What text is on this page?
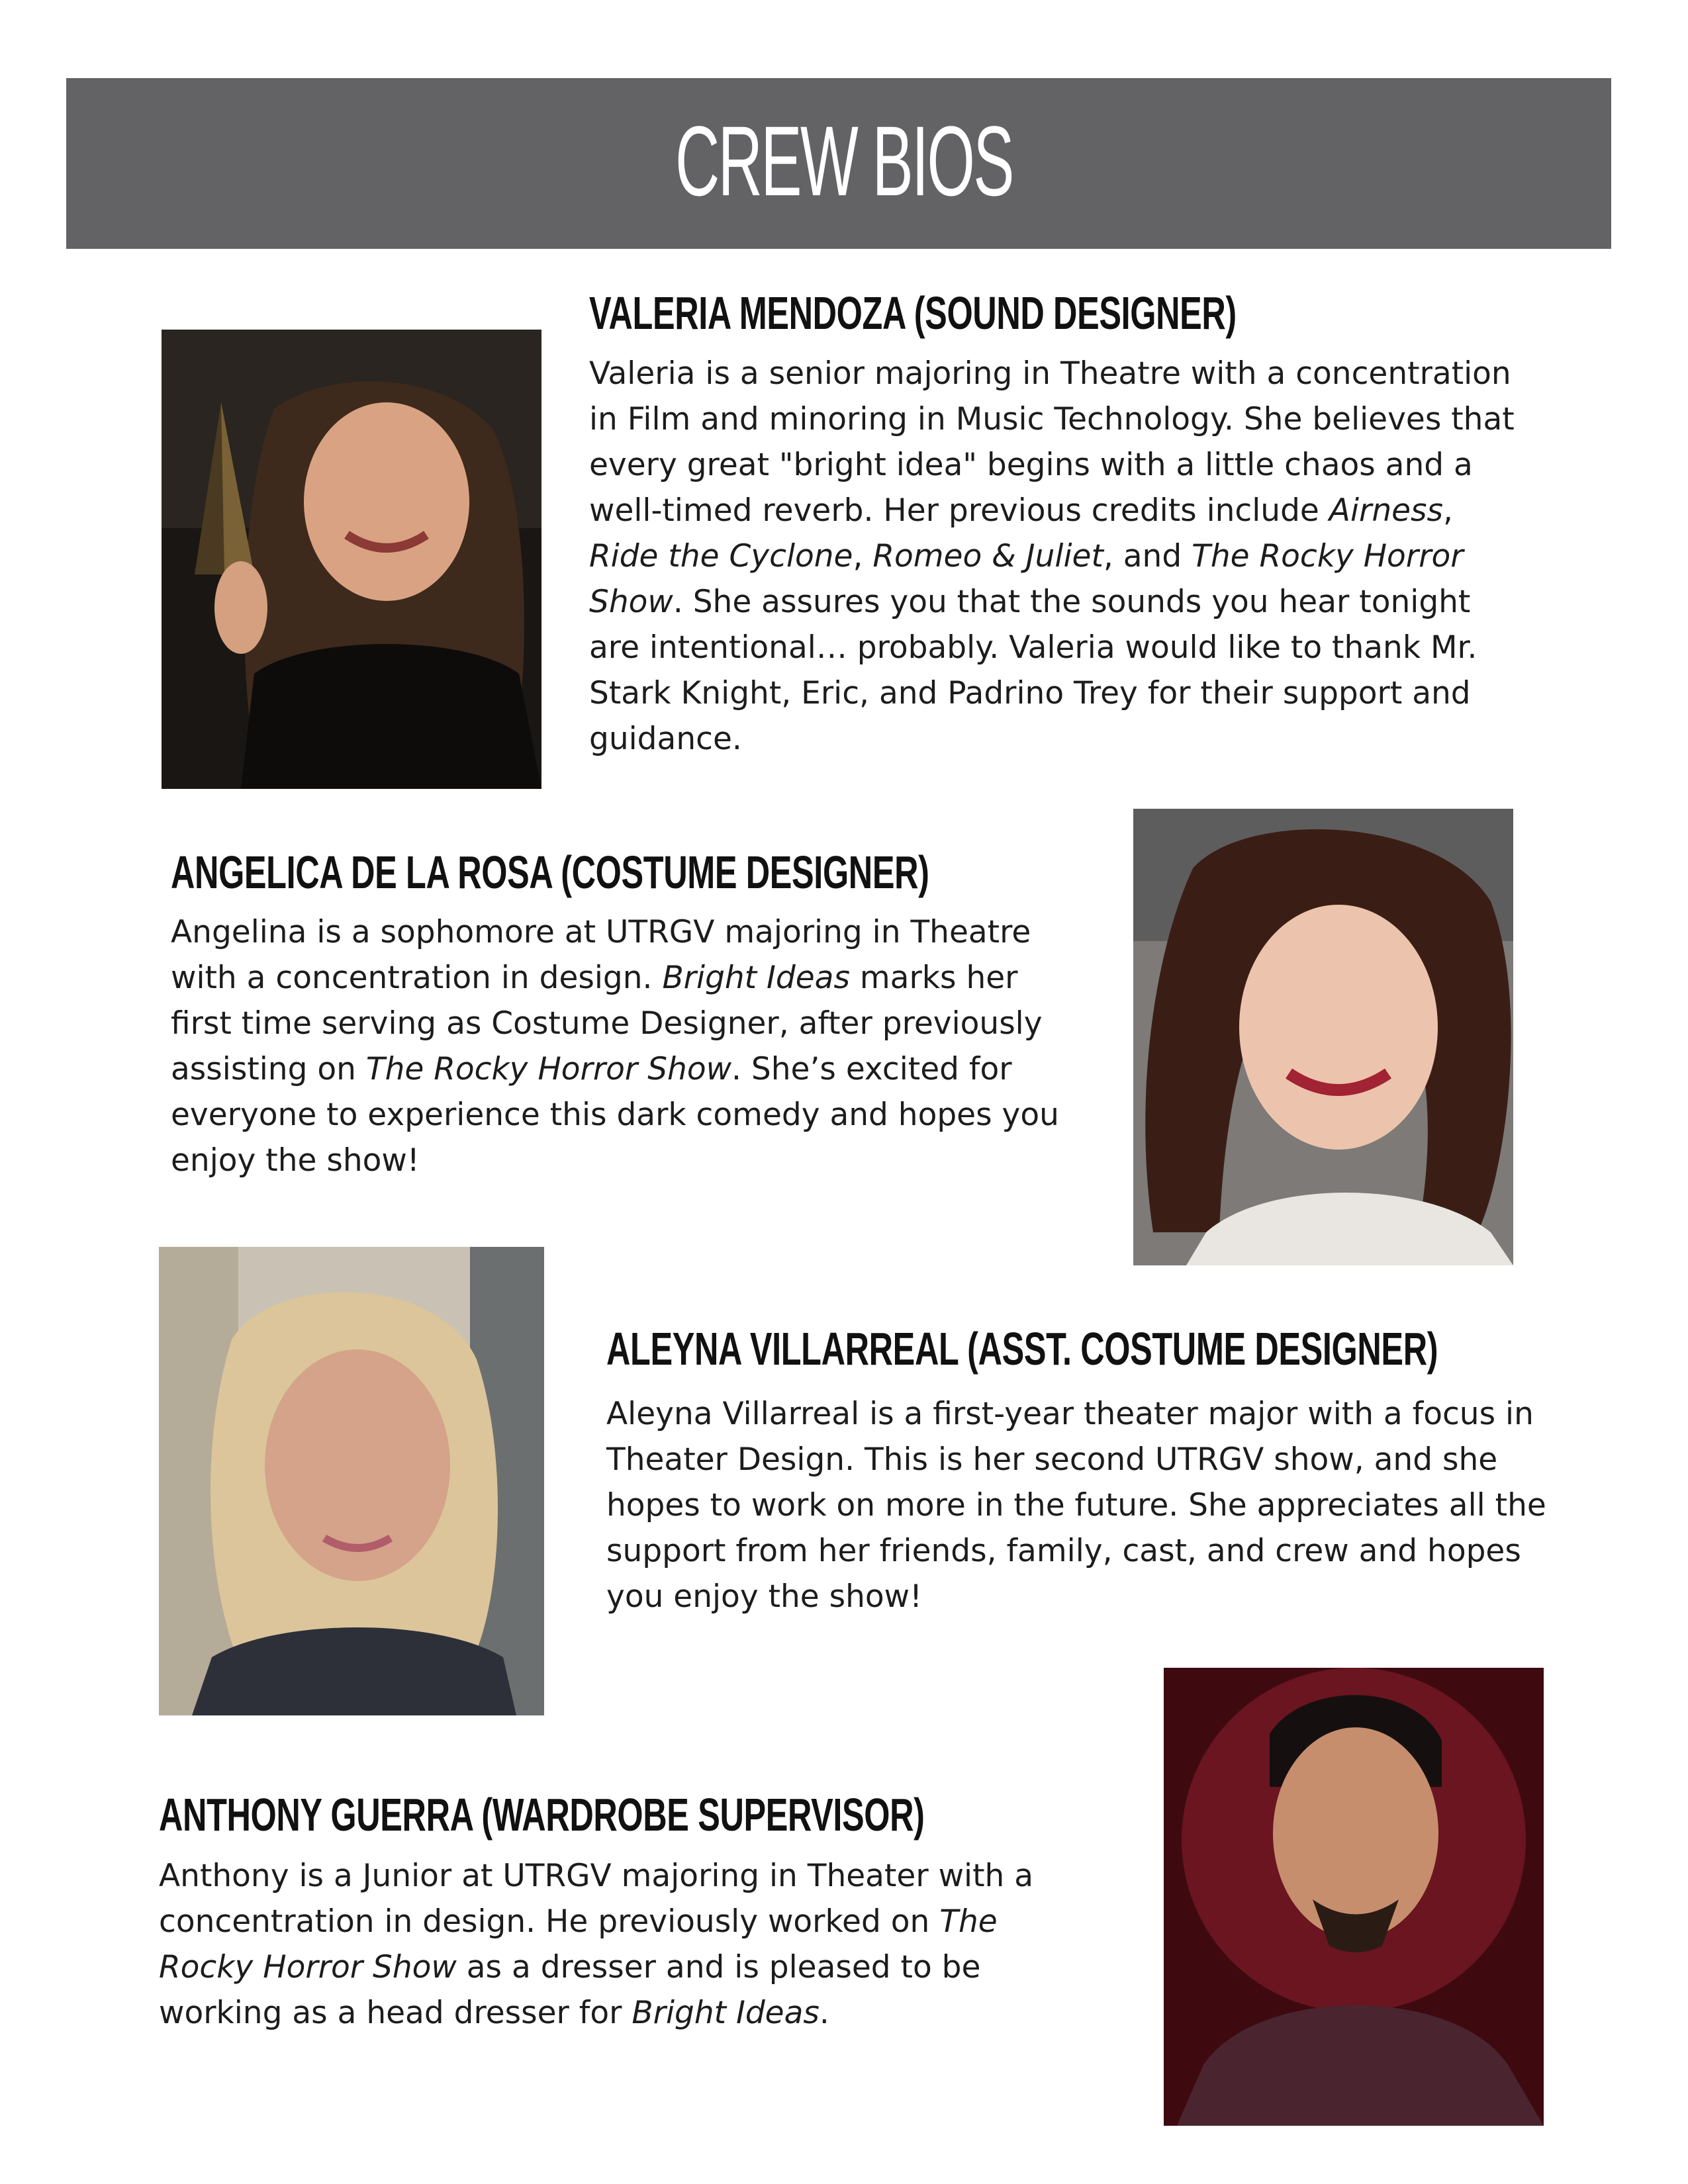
CREW BIOS
VALERIA MENDOZA (SOUND DESIGNER)

Valeria is a senior majoring in Theatre with a concentration in Film and minoring in Music Technology. She believes that every great "bright idea" begins with a little chaos and a well-timed reverb. Her previous credits include Airness, Ride the Cyclone, Romeo & Juliet, and The Rocky Horror Show. She assures you that the sounds you hear tonight are intentional… probably. Valeria would like to thank Mr. Stark Knight, Eric, and Padrino Trey for their support and guidance.

ANGELICA DE LA ROSA (COSTUME DESIGNER)

Angelina is a sophomore at UTRGV majoring in Theatre with a concentration in design. Bright Ideas marks her first time serving as Costume Designer, after previously assisting on The Rocky Horror Show. She’s excited for everyone to experience this dark comedy and hopes you enjoy the show!

ALEYNA VILLARREAL (ASST. COSTUME DESIGNER)

Aleyna Villarreal is a first-year theater major with a focus in Theater Design. This is her second UTRGV show, and she hopes to work on more in the future. She appreciates all the support from her friends, family, cast, and crew and hopes you enjoy the show!

ANTHONY GUERRA (WARDROBE SUPERVISOR)

Anthony is a Junior at UTRGV majoring in Theater with a concentration in design. He previously worked on The Rocky Horror Show as a dresser and is pleased to be working as a head dresser for Bright Ideas.
